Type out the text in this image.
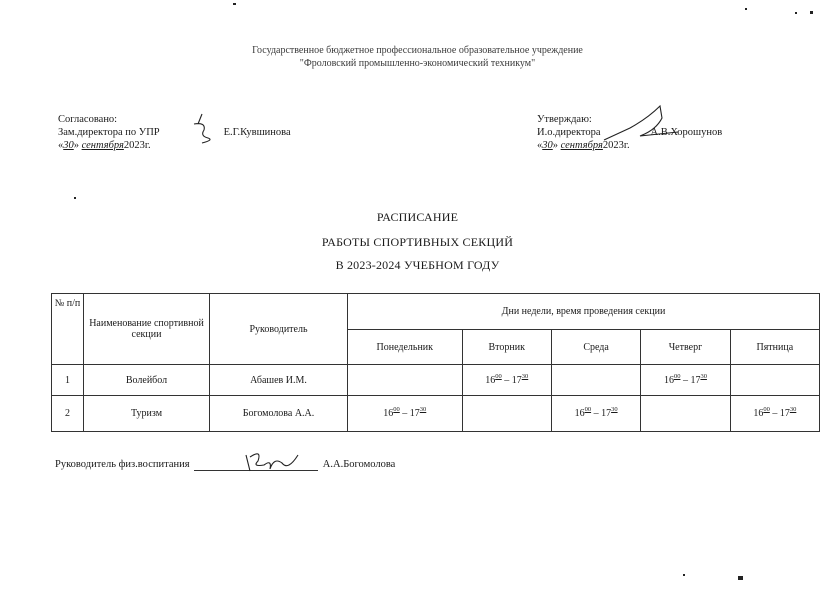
Государственное бюджетное профессиональное образовательное учреждение
"Фроловский промышленно-экономический техникум"
Согласовано:
Зам.директора по УПР	Е.Г.Кувшинова
«30» сентября2023г.
Утверждаю:
И.о.директора	А.В.Хорошунов
«30» сентября2023г.
РАСПИСАНИЕ
РАБОТЫ СПОРТИВНЫХ СЕКЦИЙ
В 2023-2024 УЧЕБНОМ ГОДУ
№ п/п	Наименование спортивной секции	Руководитель	Дни недели, время проведения секции				
			Понедельник	Вторник	Среда	Четверг	Пятница
1	Волейбол	Абашев И.М.		$16^{00} - 17^{30}$		$16^{00} - 17^{30}$	
2	Туризм	Богомолова А.А.	$16^{00} - 17^{30}$		$16^{00} - 17^{30}$		$16^{00} - 17^{30}$
Руководитель физ.воспитания	А.А.Богомолова
